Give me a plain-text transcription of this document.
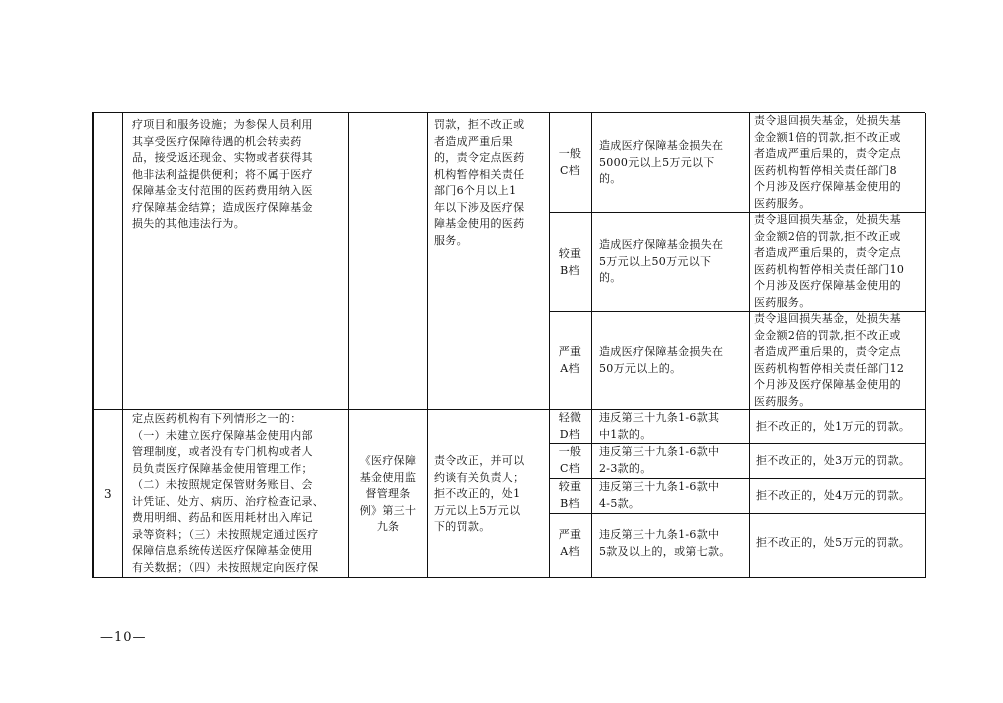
疗项目和服务设施；为参保人员利用
其享受医疗保障待遇的机会转卖药
品，接受返还现金、实物或者获得其
他非法利益提供便利；将不属于医疗
保障基金支付范围的医药费用纳入医
疗保障基金结算；造成医疗保障基金
损失的其他违法行为。
罚款，拒不改正或
者造成严重后果
的，责令定点医药
机构暂停相关责任
部门6个月以上1
年以下涉及医疗保
障基金使用的医药
服务。
一般
C档
造成医疗保障基金损失在
5000元以上5万元以下
的。
责令退回损失基金，处损失基
金金额1倍的罚款,拒不改正或
者造成严重后果的，责令定点
医药机构暂停相关责任部门8
个月涉及医疗保障基金使用的
医药服务。
较重
B档
造成医疗保障基金损失在
5万元以上50万元以下
的。
责令退回损失基金，处损失基
金金额2倍的罚款,拒不改正或
者造成严重后果的，责令定点
医药机构暂停相关责任部门10
个月涉及医疗保障基金使用的
医药服务。
严重
A档
造成医疗保障基金损失在
50万元以上的。
责令退回损失基金，处损失基
金金额2倍的罚款,拒不改正或
者造成严重后果的，责令定点
医药机构暂停相关责任部门12
个月涉及医疗保障基金使用的
医药服务。
3
定点医药机构有下列情形之一的：
（一）未建立医疗保障基金使用内部
管理制度，或者没有专门机构或者人
员负责医疗保障基金使用管理工作；
（二）未按照规定保管财务账目、会
计凭证、处方、病历、治疗检查记录、
费用明细、药品和医用耗材出入库记
录等资料；（三）未按照规定通过医疗
保障信息系统传送医疗保障基金使用
有关数据；（四）未按照规定向医疗保
《医疗保障
基金使用监
督管理条
例》第三十
九条
责令改正，并可以
约谈有关负责人；
拒不改正的，处1
万元以上5万元以
下的罚款。
轻微
D档
违反第三十九条1-6款其
中1款的。
拒不改正的，处1万元的罚款。
一般
C档
违反第三十九条1-6款中
2-3款的。
拒不改正的，处3万元的罚款。
较重
B档
违反第三十九条1-6款中
4-5款。
拒不改正的，处4万元的罚款。
严重
A档
违反第三十九条1-6款中
5款及以上的，或第七款。
拒不改正的，处5万元的罚款。
—10—
